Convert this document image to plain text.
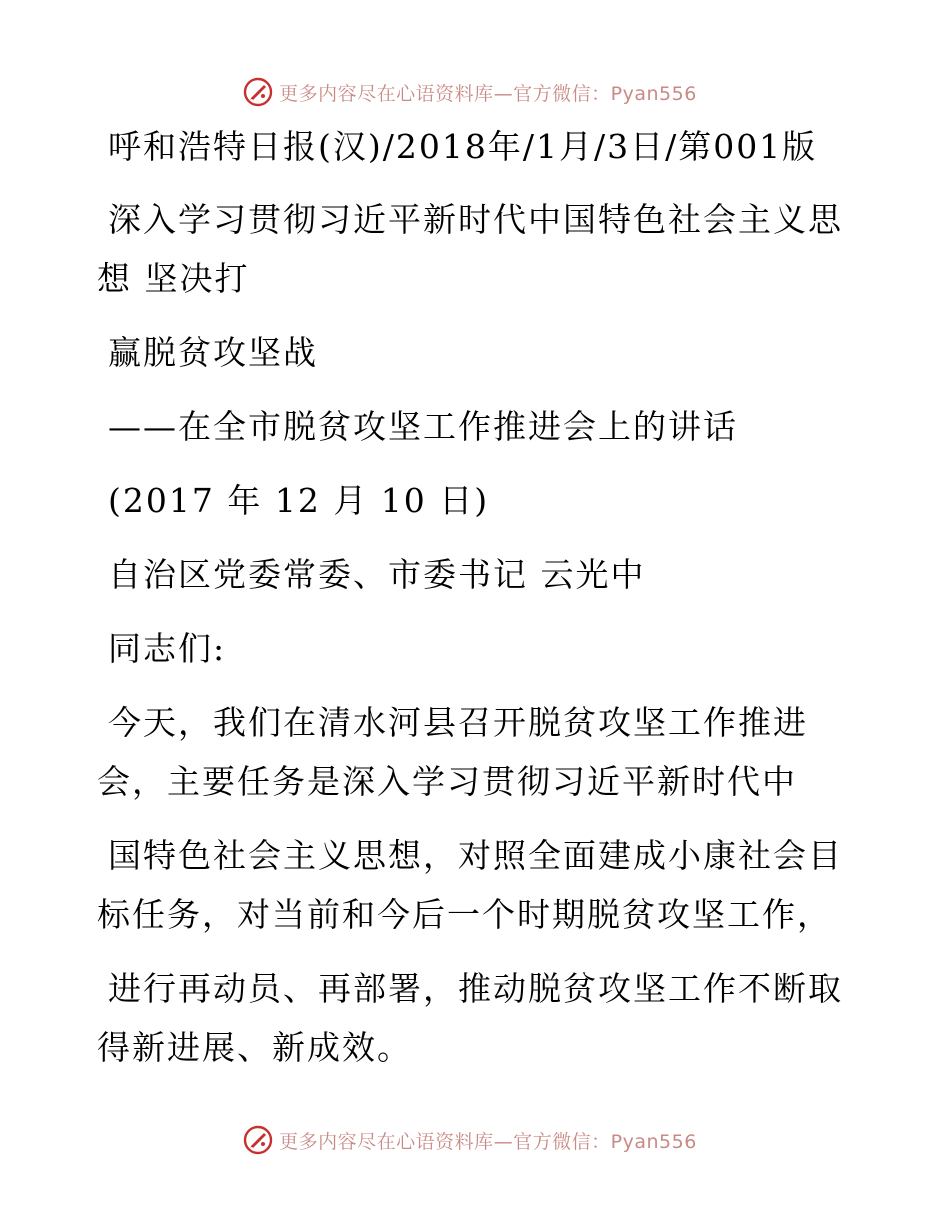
更多内容尽在心语资料库—官方微信：Pyan556
呼和浩特日报(汉)/2018年/1月/3日/第001版
深入学习贯彻习近平新时代中国特色社会主义思
想 坚决打
赢脱贫攻坚战
——在全市脱贫攻坚工作推进会上的讲话
(2017 年 12 月 10 日)
自治区党委常委、市委书记 云光中
同志们:
今天，我们在清水河县召开脱贫攻坚工作推进
会，主要任务是深入学习贯彻习近平新时代中
国特色社会主义思想，对照全面建成小康社会目
标任务，对当前和今后一个时期脱贫攻坚工作，
进行再动员、再部署，推动脱贫攻坚工作不断取
得新进展、新成效。
更多内容尽在心语资料库—官方微信：Pyan556
